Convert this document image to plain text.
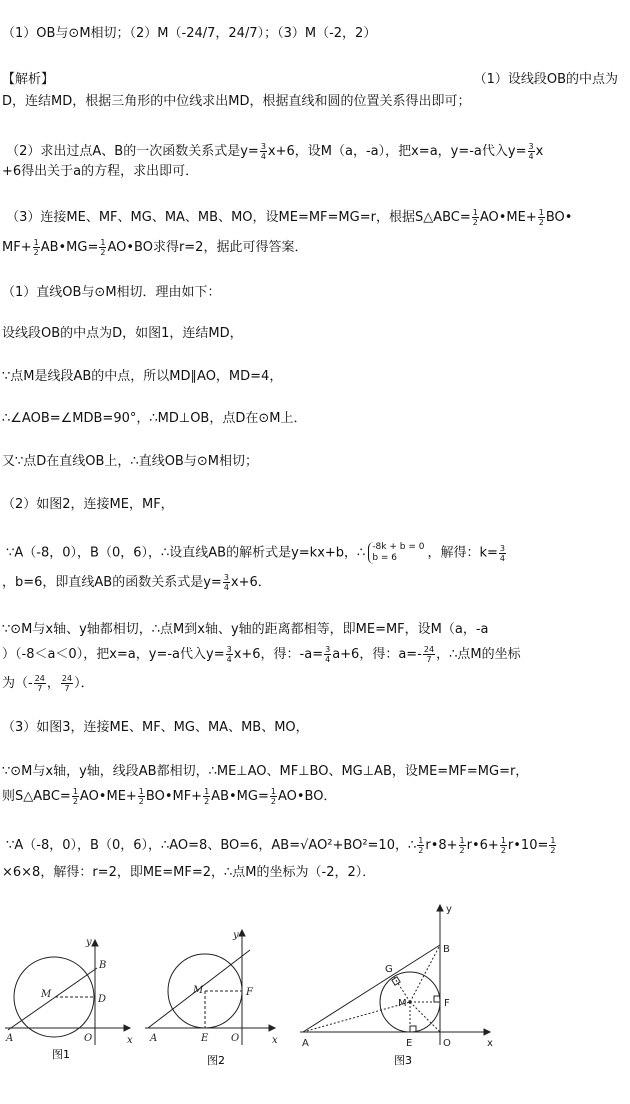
（1）OB与⊙M相切；（2）M（-24/7，24/7）；（3）M（-2，2）
【解析】	（1）设线段OB的中点为
D，连结MD，根据三角形的中位线求出MD，根据直线和圆的位置关系得出即可；
（2）求出过点A、B的一次函数关系式是$y= \frac{3}{4} x+6$，设M（a，-a），把x=a，y=-a代入$y= \frac{3}{4}$ x
+6得出关于a的方程，求出即可．
（3）连接ME、MF、MG、MA、MB、MO，设ME=MF=MG=r，根据S△ABC= $\frac{1}{2}$ AO•ME+ $\frac{1}{2}$ BO•
$MF+ \frac{1}{2}$ AB•MG= $\frac{1}{2}$ AO•BO求得r=2，据此可得答案．
（1）直线OB与⊙M相切．理由如下：
设线段OB的中点为D，如图1，连结MD，
∵点M是线段AB的中点，所以MD∥AO，MD=4，
∴∠AOB=∠MDB=90°，∴MD⊥OB，点D在⊙M上．
又∵点D在直线OB上，∴直线OB与⊙M相切；
（2）如图2，连接ME，MF，
∵A（-8，0），B（0，6），∴设直线AB的解析式是y=kx+b，∴ -8k + b = 0
b = 6	，解得：$k= \frac{3}{4}$
，b=6，即直线AB的函数关系式是$y= \frac{3}{4} x+6$．
∵⊙M与x轴、y轴都相切，∴点M到x轴、y轴的距离都相等，即ME=MF，设M（a，-a
）（-8＜a＜0），把x=a，y=-a代入$y= \frac{3}{4} x+6$，得：$-a= \frac{3}{4} a+6$，得：$a=- \frac{24}{7}$ ，∴点M的坐标
为（- $\frac{24}{7}$ ， $\frac{24}{7}$ ）．
（3）如图3，连接ME、MF、MG、MA、MB、MO，
∵⊙M与x轴，y轴，线段AB都相切，∴ME⊥AO、MF⊥BO、MG⊥AB，设ME=MF=MG=r，
则S△ABC= $\frac{1}{2}$ AO•ME+ $\frac{1}{2}$ BO•MF+ $\frac{1}{2}$ AB•MG= $\frac{1}{2}$ AO•BO．
∵A（-8，0），B（0，6），∴AO=8、BO=6，AB=√AO²+BO²=10，∴ $\frac{1}{2}$ r•8+ $\frac{1}{2}$ r•6+ $\frac{1}{2}$ r•10= $\frac{1}{2}$
×6×8，解得：r=2，即ME=MF=2，∴点M的坐标为（-2，2）．
y
x
B
M	D
A	O
图1
y
x
M	F
A	E O
图2
y
x
B
G
M	F
A	E	O
图3
